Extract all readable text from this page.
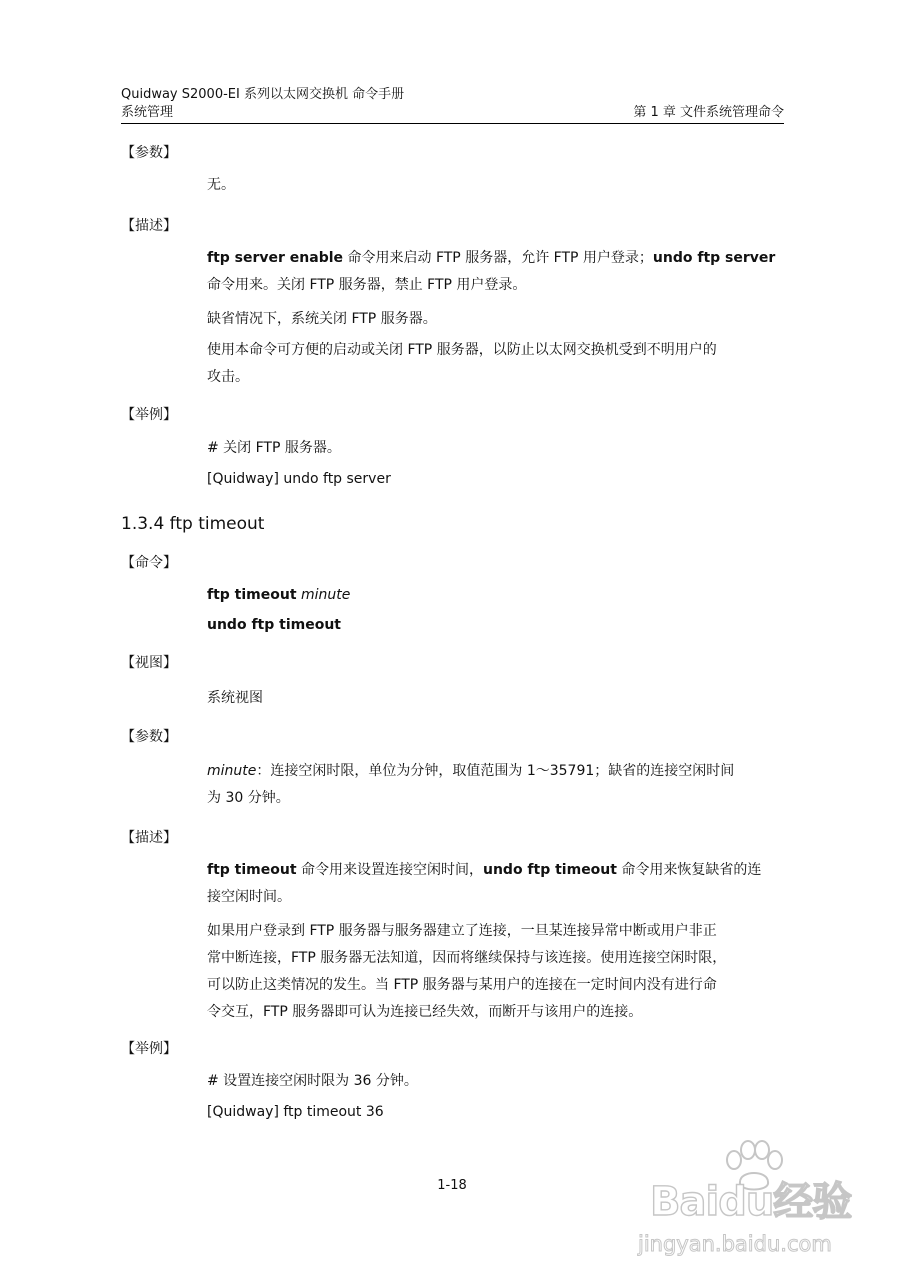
Quidway S2000-EI 系列以太网交换机 命令手册
系统管理	第 1 章 文件系统管理命令
【参数】
无。
【描述】
ftp server enable 命令用来启动 FTP 服务器，允许 FTP 用户登录；undo ftp server
命令用来。关闭 FTP 服务器，禁止 FTP 用户登录。
缺省情况下，系统关闭 FTP 服务器。
使用本命令可方便的启动或关闭 FTP 服务器，以防止以太网交换机受到不明用户的
攻击。
【举例】
# 关闭 FTP 服务器。
[Quidway] undo ftp server
1.3.4 ftp timeout
【命令】
ftp timeout minute
undo ftp timeout
【视图】
系统视图
【参数】
minute：连接空闲时限，单位为分钟，取值范围为 1～35791；缺省的连接空闲时间
为 30 分钟。
【描述】
ftp timeout 命令用来设置连接空闲时间，undo ftp timeout 命令用来恢复缺省的连
接空闲时间。
如果用户登录到 FTP 服务器与服务器建立了连接，一旦某连接异常中断或用户非正
常中断连接，FTP 服务器无法知道，因而将继续保持与该连接。使用连接空闲时限，
可以防止这类情况的发生。当 FTP 服务器与某用户的连接在一定时间内没有进行命
令交互，FTP 服务器即可认为连接已经失效，而断开与该用户的连接。
【举例】
# 设置连接空闲时限为 36 分钟。
[Quidway] ftp timeout 36
1-18	Baidu经验
jingyan.baidu.com
